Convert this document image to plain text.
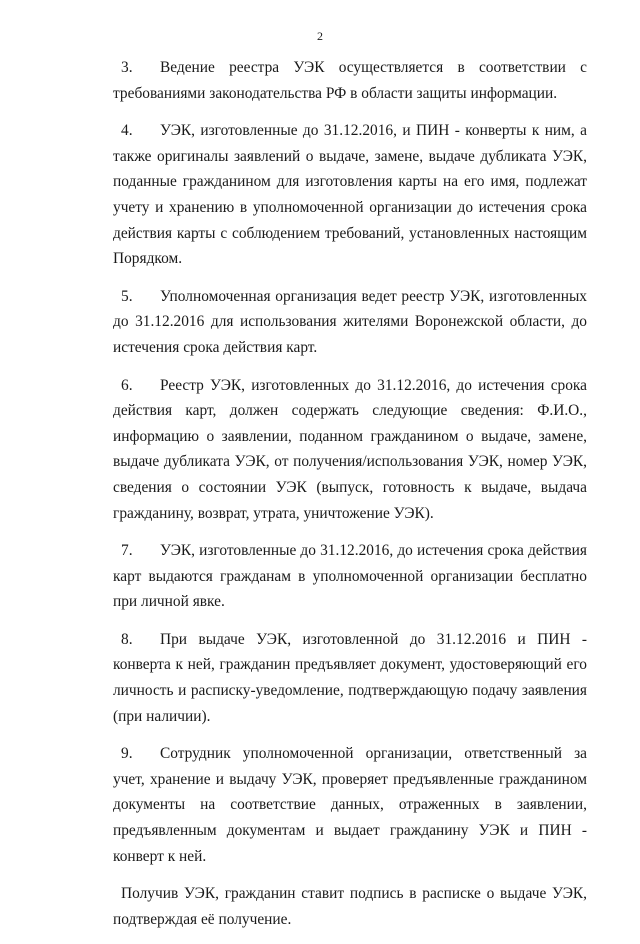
2

3. Ведение реестра УЭК осуществляется в соответствии с требованиями законодательства РФ в области защиты информации.

4. УЭК, изготовленные до 31.12.2016, и ПИН - конверты к ним, а также оригиналы заявлений о выдаче, замене, выдаче дубликата УЭК, поданные гражданином для изготовления карты на его имя, подлежат учету и хранению в уполномоченной организации до истечения срока действия карты с соблюдением требований, установленных настоящим Порядком.

5. Уполномоченная организация ведет реестр УЭК, изготовленных до 31.12.2016 для использования жителями Воронежской области, до истечения срока действия карт.

6. Реестр УЭК, изготовленных до 31.12.2016, до истечения срока действия карт, должен содержать следующие сведения: Ф.И.О., информацию о заявлении, поданном гражданином о выдаче, замене, выдаче дубликата УЭК, от получения/использования УЭК, номер УЭК, сведения о состоянии УЭК (выпуск, готовность к выдаче, выдача гражданину, возврат, утрата, уничтожение УЭК).

7. УЭК, изготовленные до 31.12.2016, до истечения срока действия карт выдаются гражданам в уполномоченной организации бесплатно при личной явке.

8. При выдаче УЭК, изготовленной до 31.12.2016 и ПИН - конверта к ней, гражданин предъявляет документ, удостоверяющий его личность и расписку-уведомление, подтверждающую подачу заявления (при наличии).

9. Сотрудник уполномоченной организации, ответственный за учет, хранение и выдачу УЭК, проверяет предъявленные гражданином документы на соответствие данных, отраженных в заявлении, предъявленным документам и выдает гражданину УЭК и ПИН - конверт к ней.

Получив УЭК, гражданин ставит подпись в расписке о выдаче УЭК, подтверждая её получение.
